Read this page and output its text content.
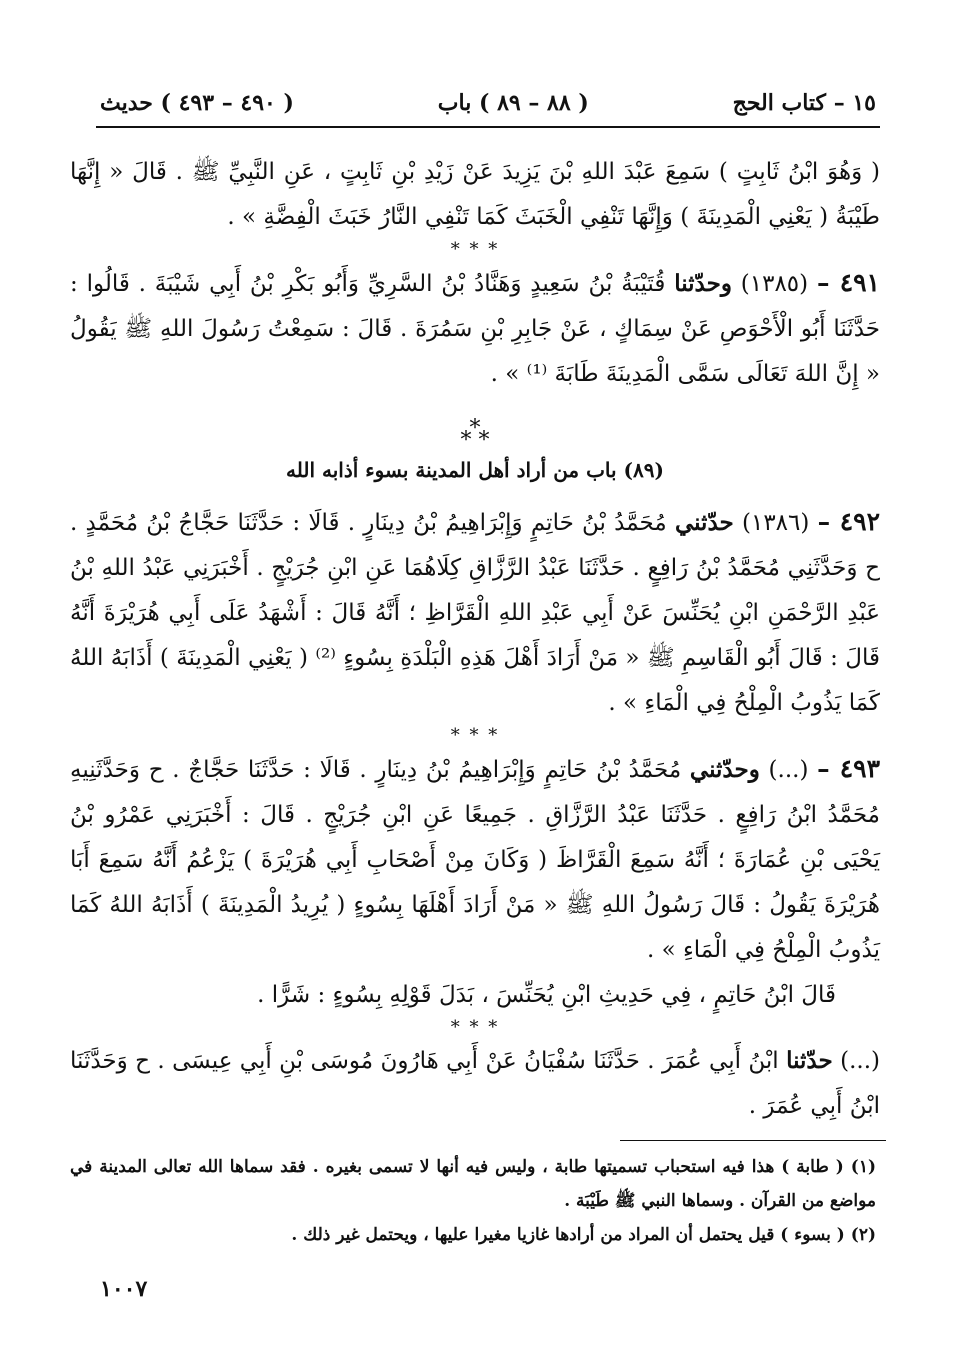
١٥ – كتاب الحج
( ٨٨ – ٨٩ ) باب
( ٤٩٠ – ٤٩٣ ) حديث

( وَهُوَ ابْنُ ثَابِتٍ ) سَمِعَ عَبْدَ اللهِ بْنَ يَزِيدَ عَنْ زَيْدِ بْنِ ثَابِتٍ ، عَنِ النَّبِيِّ ﷺ . قَالَ « إِنَّهَا طَيْبَةُ ( يَعْنِي الْمَدِينَةَ ) وَإِنَّهَا تَنْفِي الْخَبَثَ كَمَا تَنْفِي النَّارُ خَبَثَ الْفِضَّةِ » .

* * *

٤٩١ – (١٣٨٥) وحدّثنا قُتَيْبَةُ بْنُ سَعِيدٍ وَهَنَّادُ بْنُ السَّرِيِّ وَأَبُو بَكْرِ بْنُ أَبِي شَيْبَةَ . قَالُوا : حَدَّثَنَا أَبُو الْأَحْوَصِ عَنْ سِمَاكٍ ، عَنْ جَابِرِ بْنِ سَمُرَةَ . قَالَ : سَمِعْتُ رَسُولَ اللهِ ﷺ يَقُولُ « إِنَّ اللهَ تَعَالَى سَمَّى الْمَدِينَةَ طَابَةَ ⁽¹⁾ » .

*
* *
(٨٩) باب من أراد أهل المدينة بسوء أذابه الله

٤٩٢ – (١٣٨٦) حدّثني مُحَمَّدُ بْنُ حَاتِمٍ وَإِبْرَاهِيمُ بْنُ دِينَارٍ . قَالَا : حَدَّثَنَا حَجَّاجُ بْنُ مُحَمَّدٍ . ح وَحَدَّثَنِي مُحَمَّدُ بْنُ رَافِعٍ . حَدَّثَنَا عَبْدُ الرَّزَّاقِ كِلَاهُمَا عَنِ ابْنِ جُرَيْجٍ . أَخْبَرَنِي عَبْدُ اللهِ بْنُ عَبْدِ الرَّحْمَنِ ابْنِ يُحَنِّسَ عَنْ أَبِي عَبْدِ اللهِ الْقَرَّاظِ ؛ أَنَّهُ قَالَ : أَشْهَدُ عَلَى أَبِي هُرَيْرَةَ أَنَّهُ قَالَ : قَالَ أَبُو الْقَاسِمِ ﷺ « مَنْ أَرَادَ أَهْلَ هَذِهِ الْبَلْدَةِ بِسُوءٍ ⁽²⁾ ( يَعْنِي الْمَدِينَةَ ) أَذَابَهُ اللهُ كَمَا يَذُوبُ الْمِلْحُ فِي الْمَاءِ » .

* * *

٤٩٣ – (...) وحدّثني مُحَمَّدُ بْنُ حَاتِمٍ وَإِبْرَاهِيمُ بْنُ دِينَارٍ . قَالَا : حَدَّثَنَا حَجَّاجٌ . ح وَحَدَّثَنِيهِ مُحَمَّدُ ابْنُ رَافِعٍ . حَدَّثَنَا عَبْدُ الرَّزَّاقِ . جَمِيعًا عَنِ ابْنِ جُرَيْجٍ . قَالَ : أَخْبَرَنِي عَمْرُو بْنُ يَحْيَى بْنِ عُمَارَةَ ؛ أَنَّهُ سَمِعَ الْقَرَّاظَ ( وَكَانَ مِنْ أَصْحَابِ أَبِي هُرَيْرَةَ ) يَزْعُمُ أَنَّهُ سَمِعَ أَبَا هُرَيْرَةَ يَقُولُ : قَالَ رَسُولُ اللهِ ﷺ « مَنْ أَرَادَ أَهْلَهَا بِسُوءٍ ( يُرِيدُ الْمَدِينَةَ ) أَذَابَهُ اللهُ كَمَا يَذُوبُ الْمِلْحُ فِي الْمَاءِ » .

قَالَ ابْنُ حَاتِمٍ ، فِي حَدِيثِ ابْنِ يُحَنِّسَ ، بَدَلَ قَوْلِهِ بِسُوءٍ : شَرًّا .

* * *

(...) حدّثنا ابْنُ أَبِي عُمَرَ . حَدَّثَنَا سُفْيَانُ عَنْ أَبِي هَارُونَ مُوسَى بْنِ أَبِي عِيسَى . ح وَحَدَّثَنَا ابْنُ أَبِي عُمَرَ .

(١) ( طابة ) هذا فيه استحباب تسميتها طابة ، وليس فيه أنها لا تسمى بغيره . فقد سماها الله تعالى المدينة في مواضع من القرآن . وسماها النبي ﷺ طَيْبَة .

(٢) ( بسوء ) قيل يحتمل أن المراد من أرادها غازيا مغيرا عليها ، ويحتمل غير ذلك .

١٠٠٧
